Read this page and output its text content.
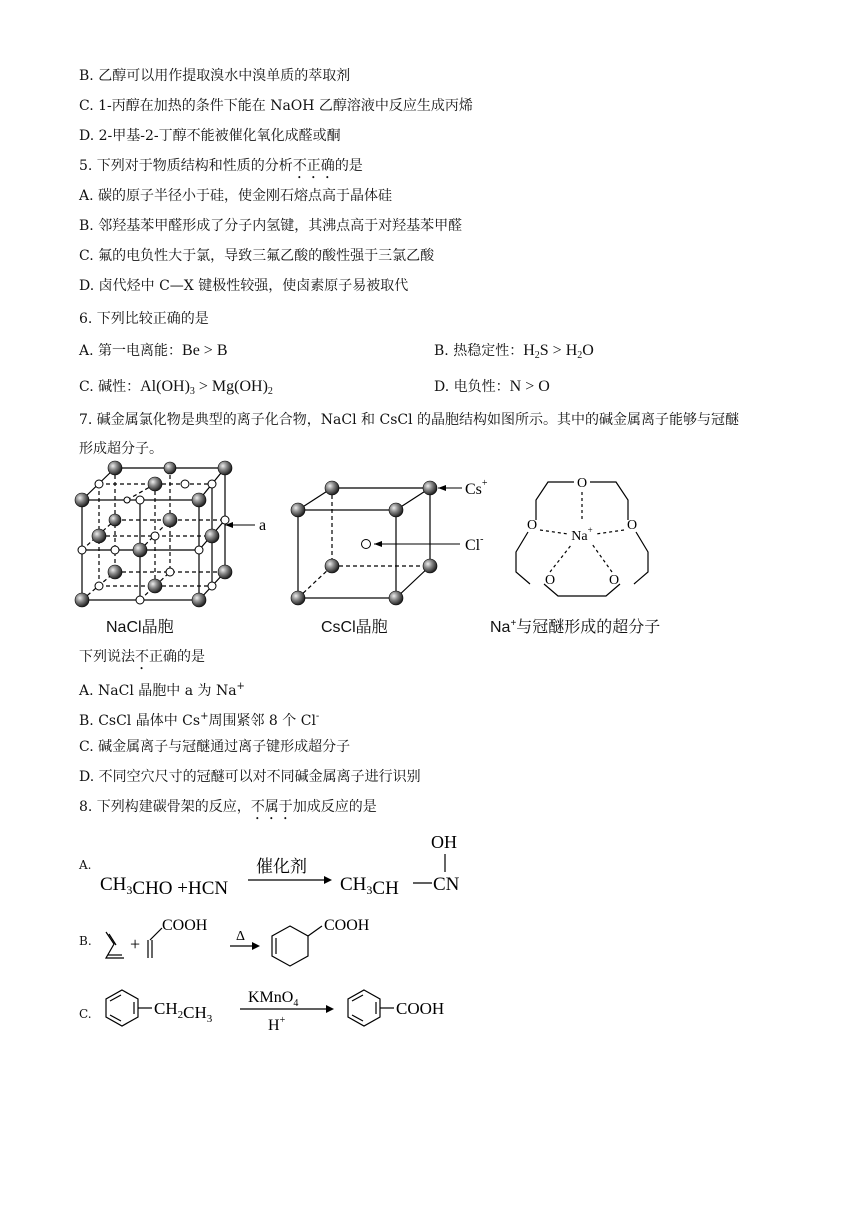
B. 乙醇可以用作提取溴水中溴单质的萃取剂
C. 1-丙醇在加热的条件下能在 NaOH 乙醇溶液中反应生成丙烯
D. 2-甲基-2-丁醇不能被催化氧化成醛或酮
5. 下列对于物质结构和性质的分析不正确的是
A. 碳的原子半径小于硅，使金刚石熔点高于晶体硅
B. 邻羟基苯甲醛形成了分子内氢键，其沸点高于对羟基苯甲醛
C. 氟的电负性大于氯，导致三氟乙酸的酸性强于三氯乙酸
D. 卤代烃中 C—X 键极性较强，使卤素原子易被取代
6. 下列比较正确的是
A. 第一电离能：Be > B	B. 热稳定性：$H_2S > H_2O$
C. 碱性：$Al(OH)_3 > Mg(OH)_2$	D. 电负性：N > O
7. 碱金属氯化物是典型的离子化合物，NaCl 和 CsCl 的晶胞结构如图所示。其中的碱金属离子能够与冠醚
形成超分子。
a
NaCl晶胞
Cs+
Cl-
CsCl晶胞
O
O	O
O	O
Na+
Na+与冠醚形成的超分子
下列说法不正确的是
A. NaCl 晶胞中 a 为 Na+
B. CsCl 晶体中 Cs+周围紧邻 8 个 Cl-
C. 碱金属离子与冠醚通过离子键形成超分子
D. 不同空穴尺寸的冠醚可以对不同碱金属离子进行识别
8. 下列构建碳骨架的反应，不属于加成反应的是
A.
$CH_3CHO +HCN$
催化剂
$CH_3CH$ CN
OH
B. +
COOH
Δ
COOH
C.	$CH_2CH_3$
KMnO$_4$
H+
COOH
